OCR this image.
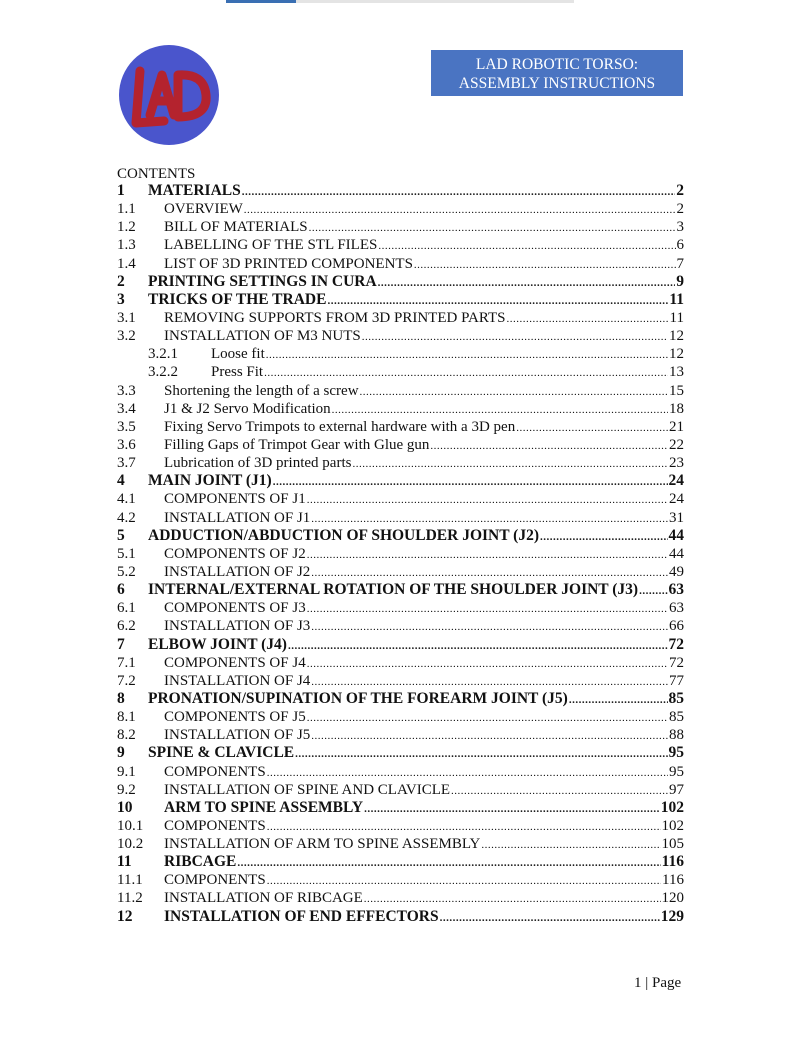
LAD ROBOTIC TORSO:
ASSEMBLY INSTRUCTIONS
CONTENTS
1	MATERIALS .....	2
1.1	OVERVIEW .....	2
1.2	BILL OF MATERIALS .....	3
1.3	LABELLING OF THE STL FILES .....	6
1.4	LIST OF 3D PRINTED COMPONENTS .....	7
2	PRINTING SETTINGS IN CURA .....	9
3	TRICKS OF THE TRADE .....	11
3.1	REMOVING SUPPORTS FROM 3D PRINTED PARTS .....	11
3.2	INSTALLATION OF M3 NUTS .....	12
3.2.1	Loose fit .....	12
3.2.2	Press Fit .....	13
3.3	Shortening the length of a screw .....	15
3.4	J1 & J2 Servo Modification .....	18
3.5	Fixing Servo Trimpots to external hardware with a 3D pen .....	21
3.6	Filling Gaps of Trimpot Gear with Glue gun .....	22
3.7	Lubrication of 3D printed parts .....	23
4	MAIN JOINT (J1) .....	24
4.1	COMPONENTS OF J1 .....	24
4.2	INSTALLATION OF J1 .....	31
5	ADDUCTION/ABDUCTION OF SHOULDER JOINT (J2) .....	44
5.1	COMPONENTS OF J2 .....	44
5.2	INSTALLATION OF J2 .....	49
6	INTERNAL/EXTERNAL ROTATION OF THE SHOULDER JOINT (J3) ..... 63
6.1	COMPONENTS OF J3 .....	63
6.2	INSTALLATION OF J3 .....	66
7	ELBOW JOINT (J4) .....	72
7.1	COMPONENTS OF J4 .....	72
7.2	INSTALLATION OF J4 .....	77
8	PRONATION/SUPINATION OF THE FOREARM JOINT (J5) .....	85
8.1	COMPONENTS OF J5 .....	85
8.2	INSTALLATION OF J5 .....	88
9	SPINE & CLAVICLE .....	95
9.1	COMPONENTS .....	95
9.2	INSTALLATION OF SPINE AND CLAVICLE .....	97
10	ARM TO SPINE ASSEMBLY .....	102
10.1	COMPONENTS .....	102
10.2	INSTALLATION OF ARM TO SPINE ASSEMBLY .....	105
11	RIBCAGE .....	116
11.1	COMPONENTS .....	116
11.2	INSTALLATION OF RIBCAGE .....	120
12	INSTALLATION OF END EFFECTORS .....	129
1 | Page
